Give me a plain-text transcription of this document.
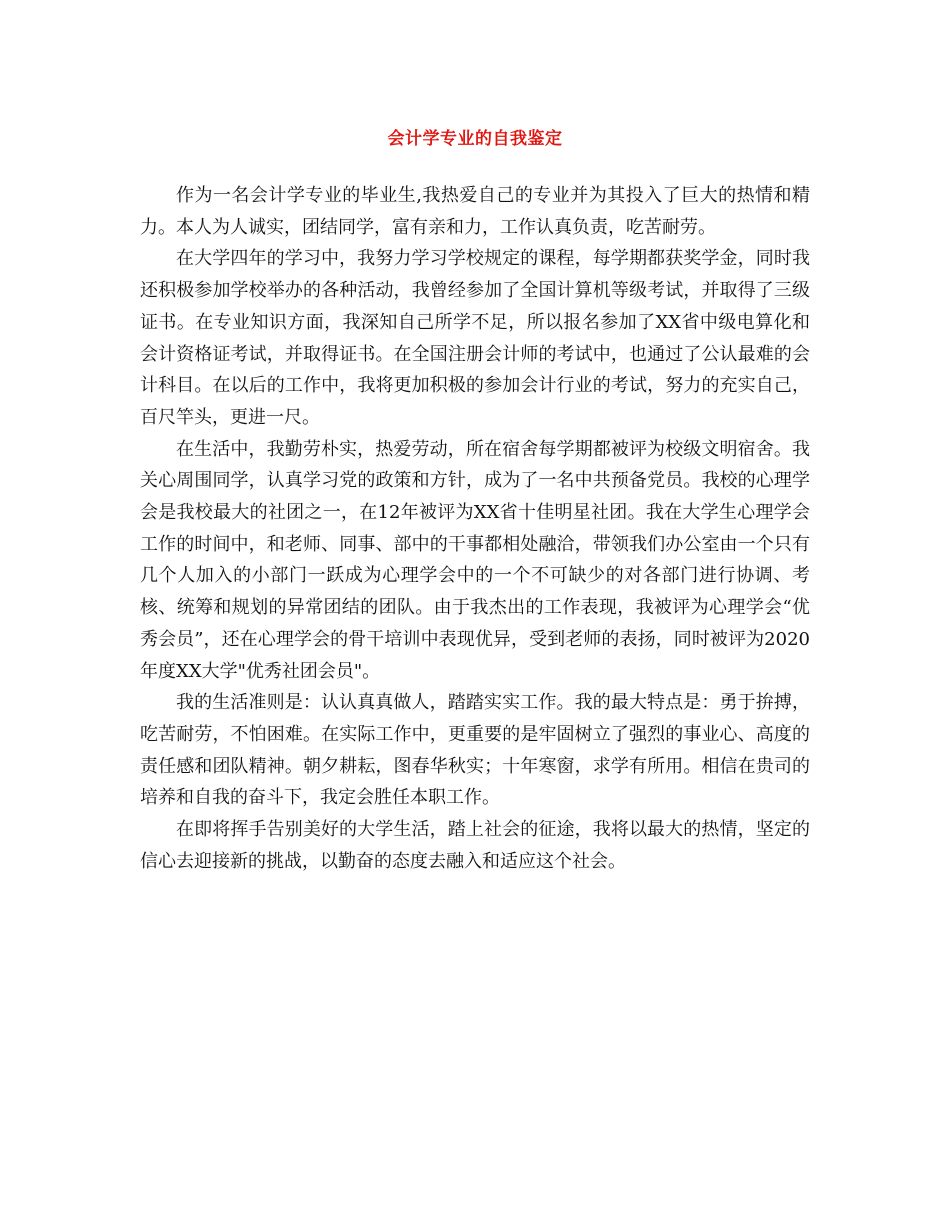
会计学专业的自我鉴定

作为一名会计学专业的毕业生,我热爱自己的专业并为其投入了巨大的热情和精力。本人为人诚实，团结同学，富有亲和力，工作认真负责，吃苦耐劳。

在大学四年的学习中，我努力学习学校规定的课程，每学期都获奖学金，同时我还积极参加学校举办的各种活动，我曾经参加了全国计算机等级考试，并取得了三级证书。在专业知识方面，我深知自己所学不足，所以报名参加了XX省中级电算化和会计资格证考试，并取得证书。在全国注册会计师的考试中，也通过了公认最难的会计科目。在以后的工作中，我将更加积极的参加会计行业的考试，努力的充实自己，百尺竿头，更进一尺。

在生活中，我勤劳朴实，热爱劳动，所在宿舍每学期都被评为校级文明宿舍。我关心周围同学，认真学习党的政策和方针，成为了一名中共预备党员。我校的心理学会是我校最大的社团之一，在12年被评为XX省十佳明星社团。我在大学生心理学会工作的时间中，和老师、同事、部中的干事都相处融洽，带领我们办公室由一个只有几个人加入的小部门一跃成为心理学会中的一个不可缺少的对各部门进行协调、考核、统筹和规划的异常团结的团队。由于我杰出的工作表现，我被评为心理学会“优秀会员”，还在心理学会的骨干培训中表现优异，受到老师的表扬，同时被评为2020年度XX大学"优秀社团会员"。

我的生活准则是：认认真真做人，踏踏实实工作。我的最大特点是：勇于拚搏，吃苦耐劳，不怕困难。在实际工作中，更重要的是牢固树立了强烈的事业心、高度的责任感和团队精神。朝夕耕耘，图春华秋实；十年寒窗，求学有所用。相信在贵司的培养和自我的奋斗下，我定会胜任本职工作。

在即将挥手告别美好的大学生活，踏上社会的征途，我将以最大的热情，坚定的信心去迎接新的挑战，以勤奋的态度去融入和适应这个社会。
